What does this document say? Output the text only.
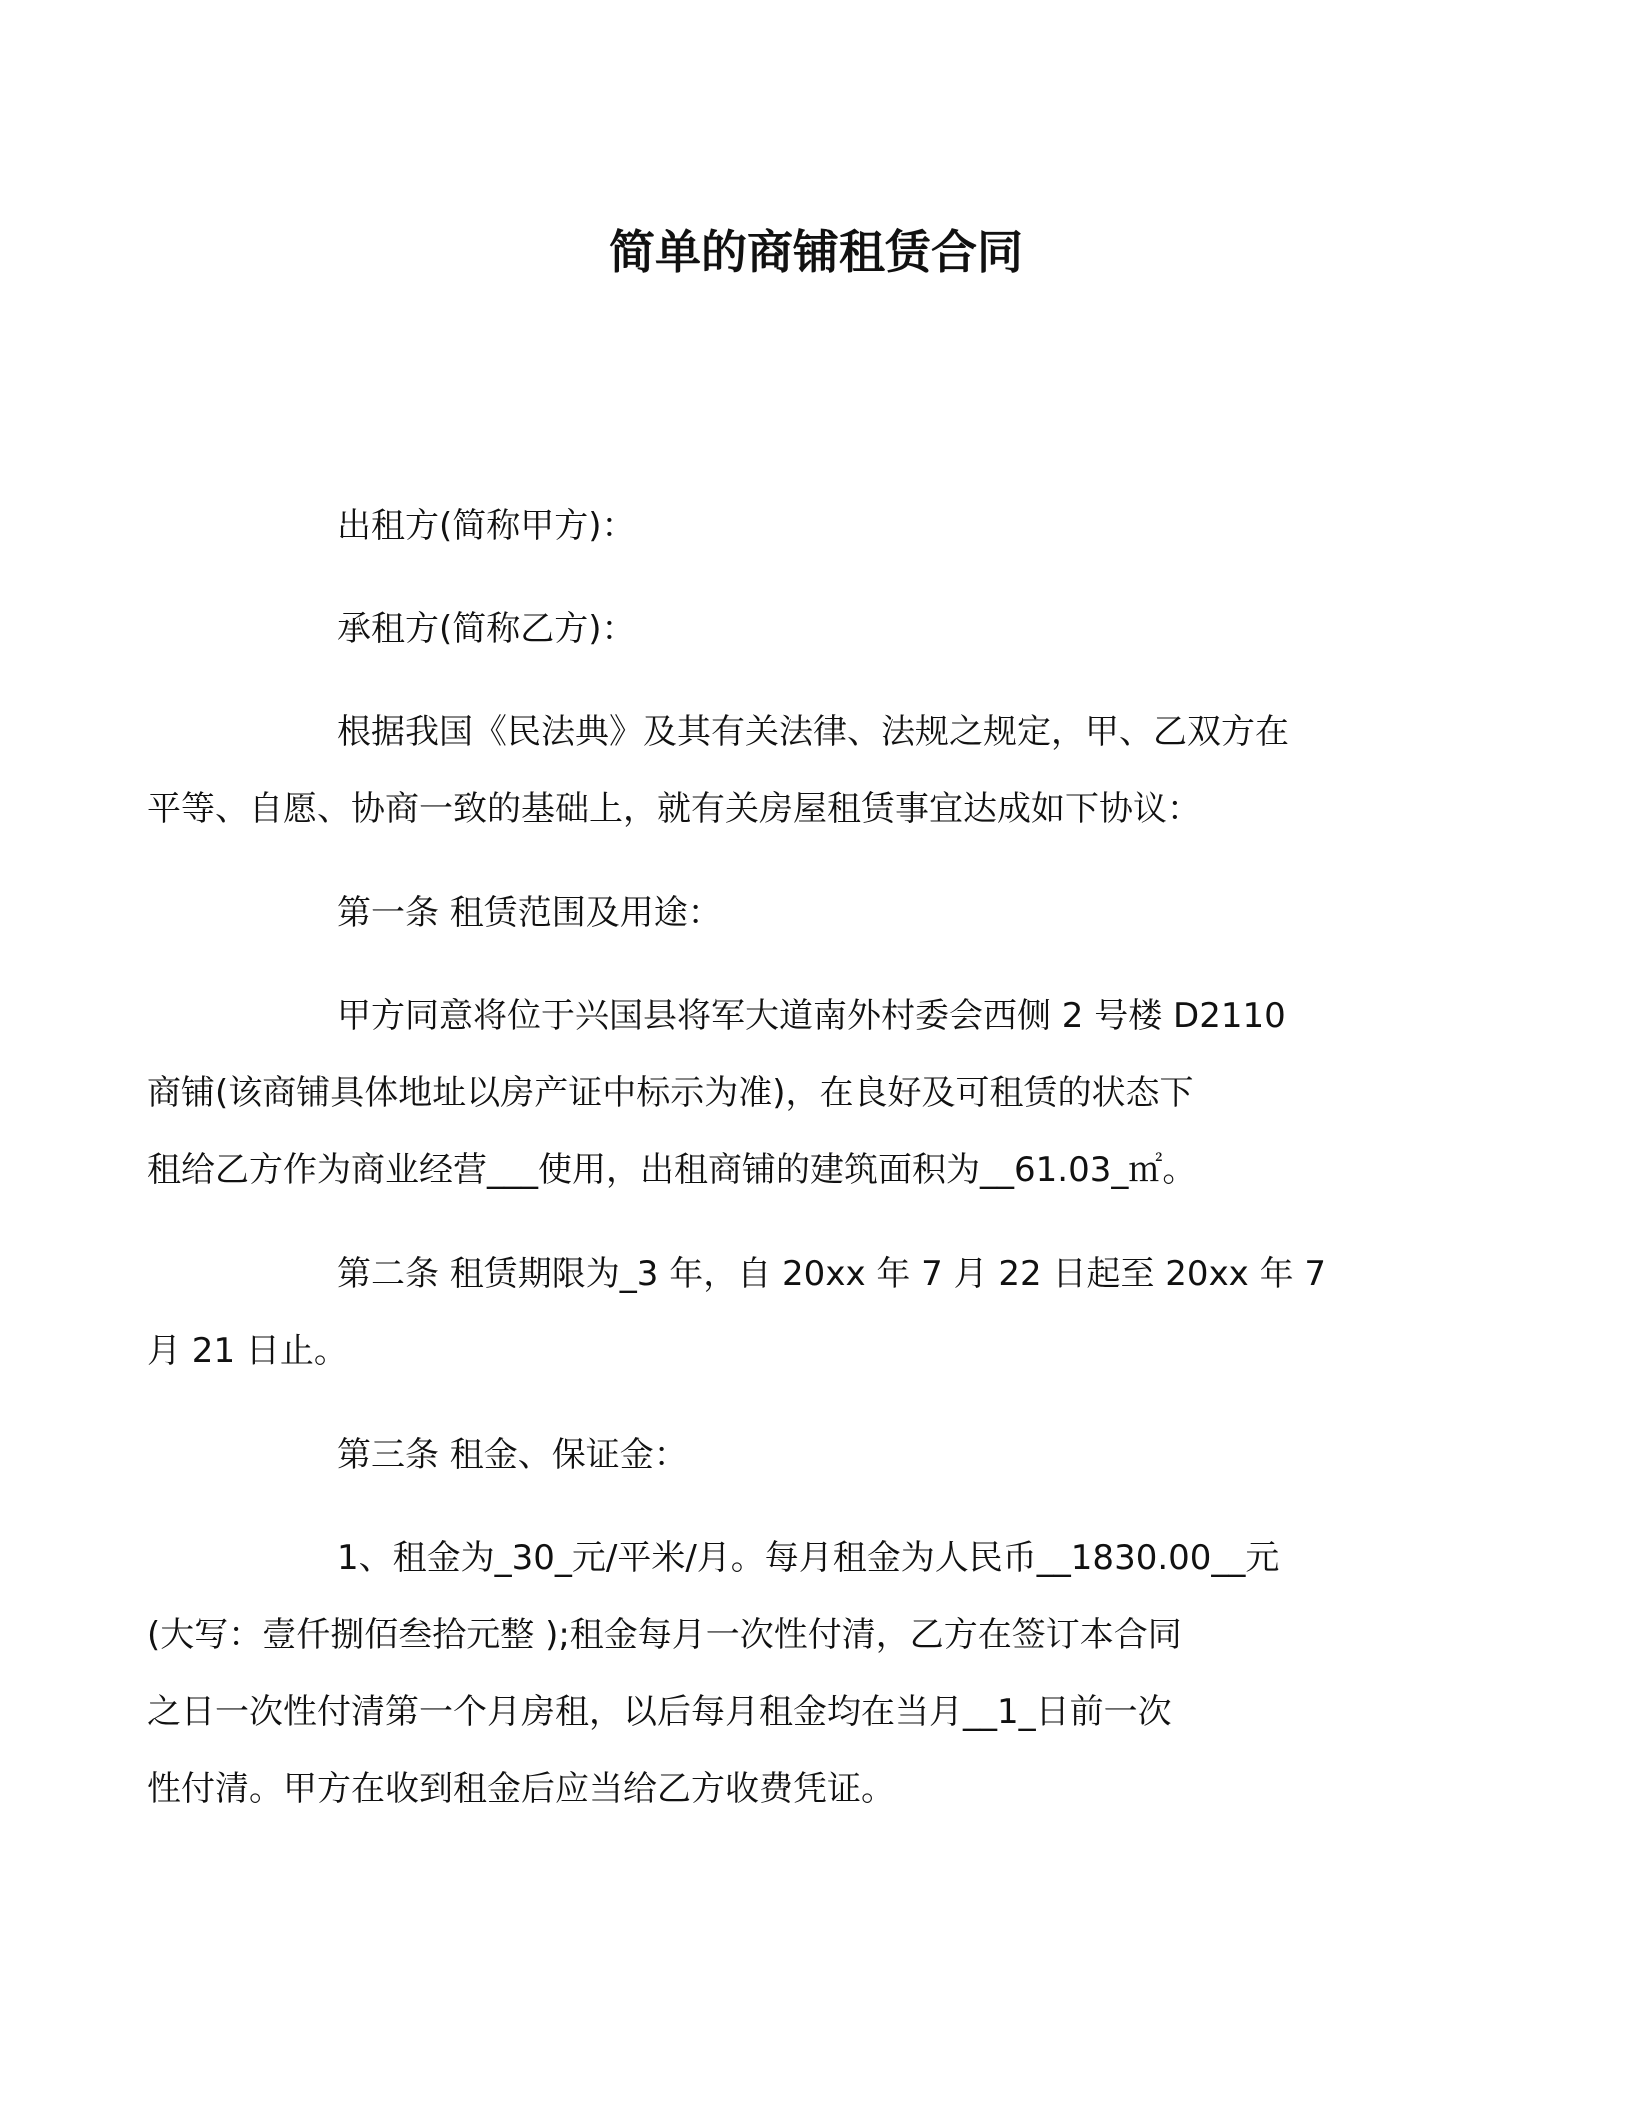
简单的商铺租赁合同
出租方(简称甲方)：
承租方(简称乙方)：
根据我国《民法典》及其有关法律、法规之规定，甲、乙双方在
平等、自愿、协商一致的基础上，就有关房屋租赁事宜达成如下协议：
第一条 租赁范围及用途：
甲方同意将位于兴国县将军大道南外村委会西侧 2 号楼 D2110
商铺(该商铺具体地址以房产证中标示为准)，在良好及可租赁的状态下
租给乙方作为商业经营___使用，出租商铺的建筑面积为__61.03_㎡。
第二条 租赁期限为_3 年，自 20xx 年 7 月 22 日起至 20xx 年 7
月 21 日止。
第三条 租金、保证金：
1、租金为_30_元/平米/月。每月租金为人民币__1830.00__元
(大写：壹仟捌佰叁拾元整 );租金每月一次性付清，乙方在签订本合同
之日一次性付清第一个月房租，以后每月租金均在当月__1_日前一次
性付清。甲方在收到租金后应当给乙方收费凭证。
